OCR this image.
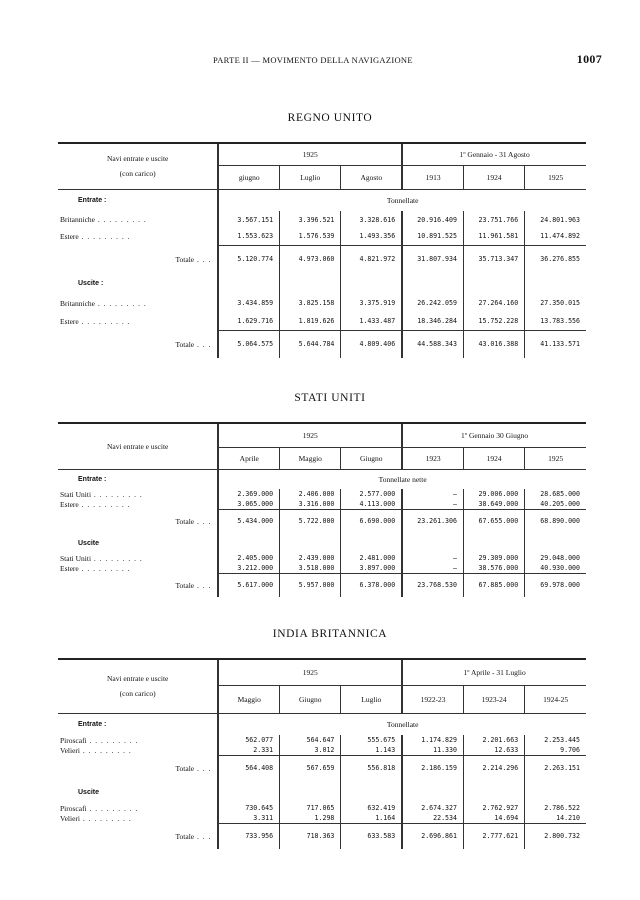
PARTE II — MOVIMENTO DELLA NAVIGAZIONE	1007
REGNO UNITO
Navi entrate e uscite
(con carico)	1925			1º Gennaio - 31 Agosto		
	giugno	Luglio	Agosto	1913	1924	1925
Entrate :	Tonnellate					
Britanniche . . .	3.567.151	3.396.521	3.328.616	20.916.409	23.751.766	24.801.963
Estere . . .	1.553.623	1.576.539	1.493.356	10.891.525	11.961.581	11.474.892
Totale . . .	5.120.774	4.973.060	4.821.972	31.807.934	35.713.347	36.276.855
Uscite :						
Britanniche . . .	3.434.859	3.825.158	3.375.919	26.242.059	27.264.160	27.350.015
Estere . . .	1.629.716	1.819.626	1.433.487	18.346.284	15.752.228	13.783.556
Totale . . .	5.064.575	5.644.784	4.809.406	44.588.343	43.016.388	41.133.571
STATI UNITI
Navi entrate e uscite	1925			1º Gennaio 30 Giugno		
	Aprile	Maggio	Giugno	1923	1924	1925
Entrate :	Tonnellate nette					
Stati Uniti . . .	2.369.000	2.406.000	2.577.000	—	29.006.000	28.685.000
Estere . . .	3.065.000	3.316.000	4.113.000	—	38.649.000	40.205.000
Totale . . .	5.434.000	5.722.000	6.690.000	23.261.306	67.655.000	68.890.000
Uscite						
Stati Uniti . . .	2.405.000	2.439.000	2.481.000	—	29.309.000	29.048.000
Estere . . .	3.212.000	3.518.000	3.897.000	—	38.576.000	40.930.000
Totale . . .	5.617.000	5.957.000	6.378.000	23.768.530	67.885.000	69.978.000
INDIA BRITANNICA
Navi entrate e uscite
(con carico)	1925			1º Aprile - 31 Luglio		
	Maggio	Giugno	Luglio	1922-23	1923-24	1924-25
Entrate :	Tonnellate					
Piroscafi . . .	562.077	564.647	555.675	1.174.829	2.201.663	2.253.445
Velieri . . .	2.331	3.012	1.143	11.330	12.633	9.706
Totale . . .	564.408	567.659	556.818	2.186.159	2.214.296	2.263.151
Uscite						
Piroscafi . . .	730.645	717.065	632.419	2.674.327	2.762.927	2.786.522
Velieri . . .	3.311	1.298	1.164	22.534	14.694	14.210
Totale . . .	733.956	718.363	633.583	2.696.861	2.777.621	2.800.732
